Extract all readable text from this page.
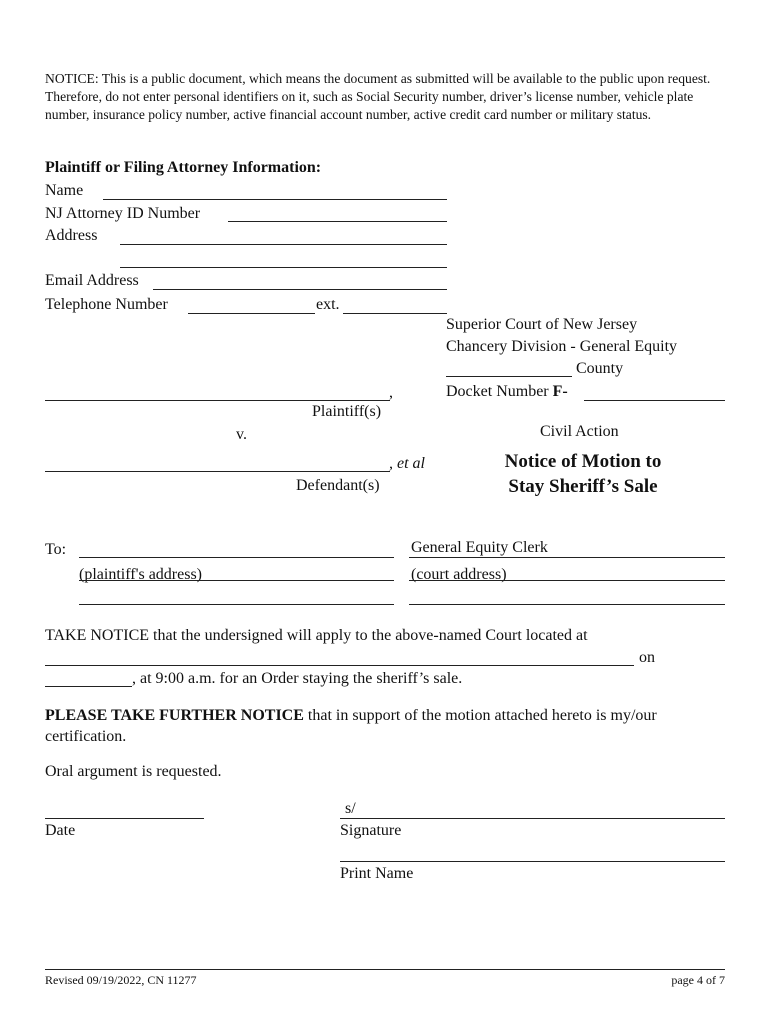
NOTICE: This is a public document, which means the document as submitted will be available to the public upon request. Therefore, do not enter personal identifiers on it, such as Social Security number, driver’s license number, vehicle plate number, insurance policy number, active financial account number, active credit card number or military status.
Plaintiff or Filing Attorney Information:
Name
NJ Attorney ID Number
Address
Email Address
Telephone Number	ext.
Superior Court of New Jersey
Chancery Division - General Equity
County
Docket Number F-
,
Plaintiff(s)
v.	Civil Action
, et al
Defendant(s)
Notice of Motion to
Stay Sheriff’s Sale
To:
(plaintiff's address)
General Equity Clerk
(court address)
TAKE NOTICE that the undersigned will apply to the above-named Court located at
on
, at 9:00 a.m. for an Order staying the sheriff’s sale.
PLEASE TAKE FURTHER NOTICE that in support of the motion attached hereto is my/our certification.
Oral argument is requested.
Date
s/
Signature
Print Name
Revised 09/19/2022, CN 11277	page 4 of 7
